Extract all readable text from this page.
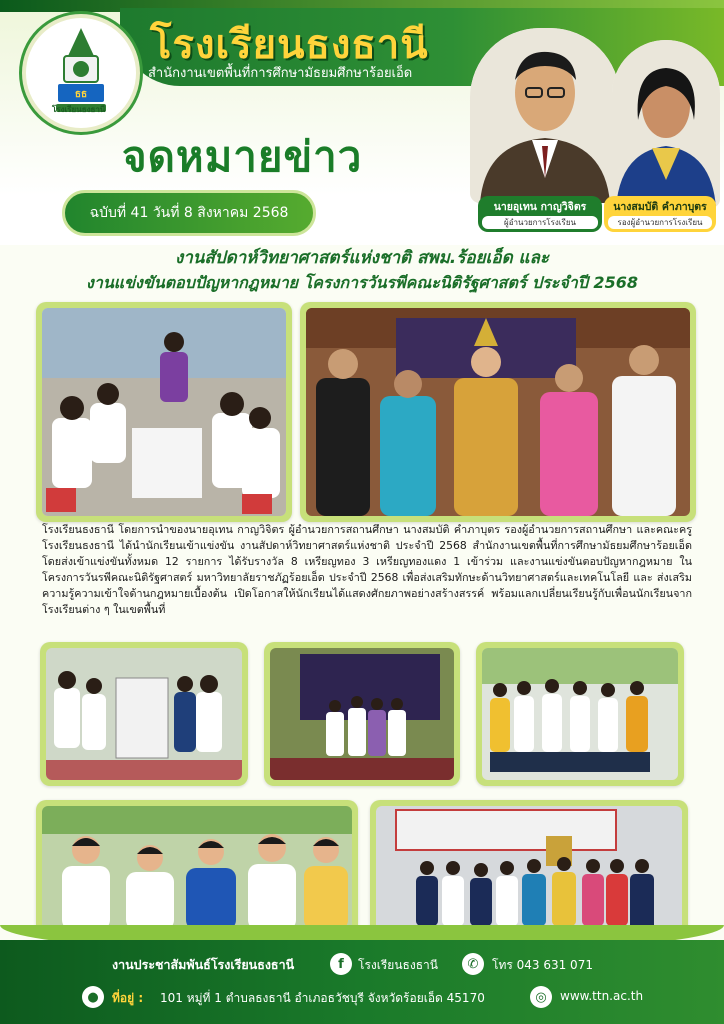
ธธ
โรงเรียนธงธานี
โรงเรียนธงธานี
สำนักงานเขตพื้นที่การศึกษามัธยมศึกษาร้อยเอ็ด
จดหมายข่าว
ฉบับที่ 41 วันที่ 8 สิงหาคม 2568	นายอุเทน กาญวิจิตร
ผู้อำนวยการโรงเรียน
นางสมบัติ คำภาบุตร
รองผู้อำนวยการโรงเรียน
งานสัปดาห์วิทยาศาสตร์แห่งชาติ สพม.ร้อยเอ็ด และ
งานแข่งขันตอบปัญหากฎหมาย โครงการวันรพีคณะนิติรัฐศาสตร์ ประจำปี 2568
โรงเรียนธงธานี โดยการนำของนายอุเทน กาญวิจิตร ผู้อำนวยการสถานศึกษา นางสมบัติ คำภาบุตร รองผู้อำนวยการสถานศึกษา และคณะครูโรงเรียนธงธานี ได้นำนักเรียนเข้าแข่งขัน งานสัปดาห์วิทยาศาสตร์แห่งชาติ ประจำปี 2568 สำนักงานเขตพื้นที่การศึกษามัธยมศึกษาร้อยเอ็ด โดยส่งเข้าแข่งขันทั้งหมด 12 รายการ ได้รับรางวัล 8 เหรียญทอง 3 เหรียญทองแดง 1 เข้าร่วม และงานแข่งขันตอบปัญหากฎหมาย ในโครงการวันรพีคณะนิติรัฐศาสตร์ มหาวิทยาลัยราชภัฏร้อยเอ็ด ประจำปี 2568 เพื่อส่งเสริมทักษะด้านวิทยาศาสตร์และเทคโนโลยี และ ส่งเสริมความรู้ความเข้าใจด้านกฎหมายเบื้องต้น เปิดโอกาสให้นักเรียนได้แสดงศักยภาพอย่างสร้างสรรค์ พร้อมแลกเปลี่ยนเรียนรู้กับเพื่อนนักเรียนจากโรงเรียนต่าง ๆ ในเขตพื้นที่
งานประชาสัมพันธ์โรงเรียนธงธานี	f	โรงเรียนธงธานี	✆	โทร 043 631 071
●	ที่อยู่ : 101 หมู่ที่ 1 ตำบลธงธานี อำเภอธวัชบุรี จังหวัดร้อยเอ็ด 45170	◎	www.ttn.ac.th
